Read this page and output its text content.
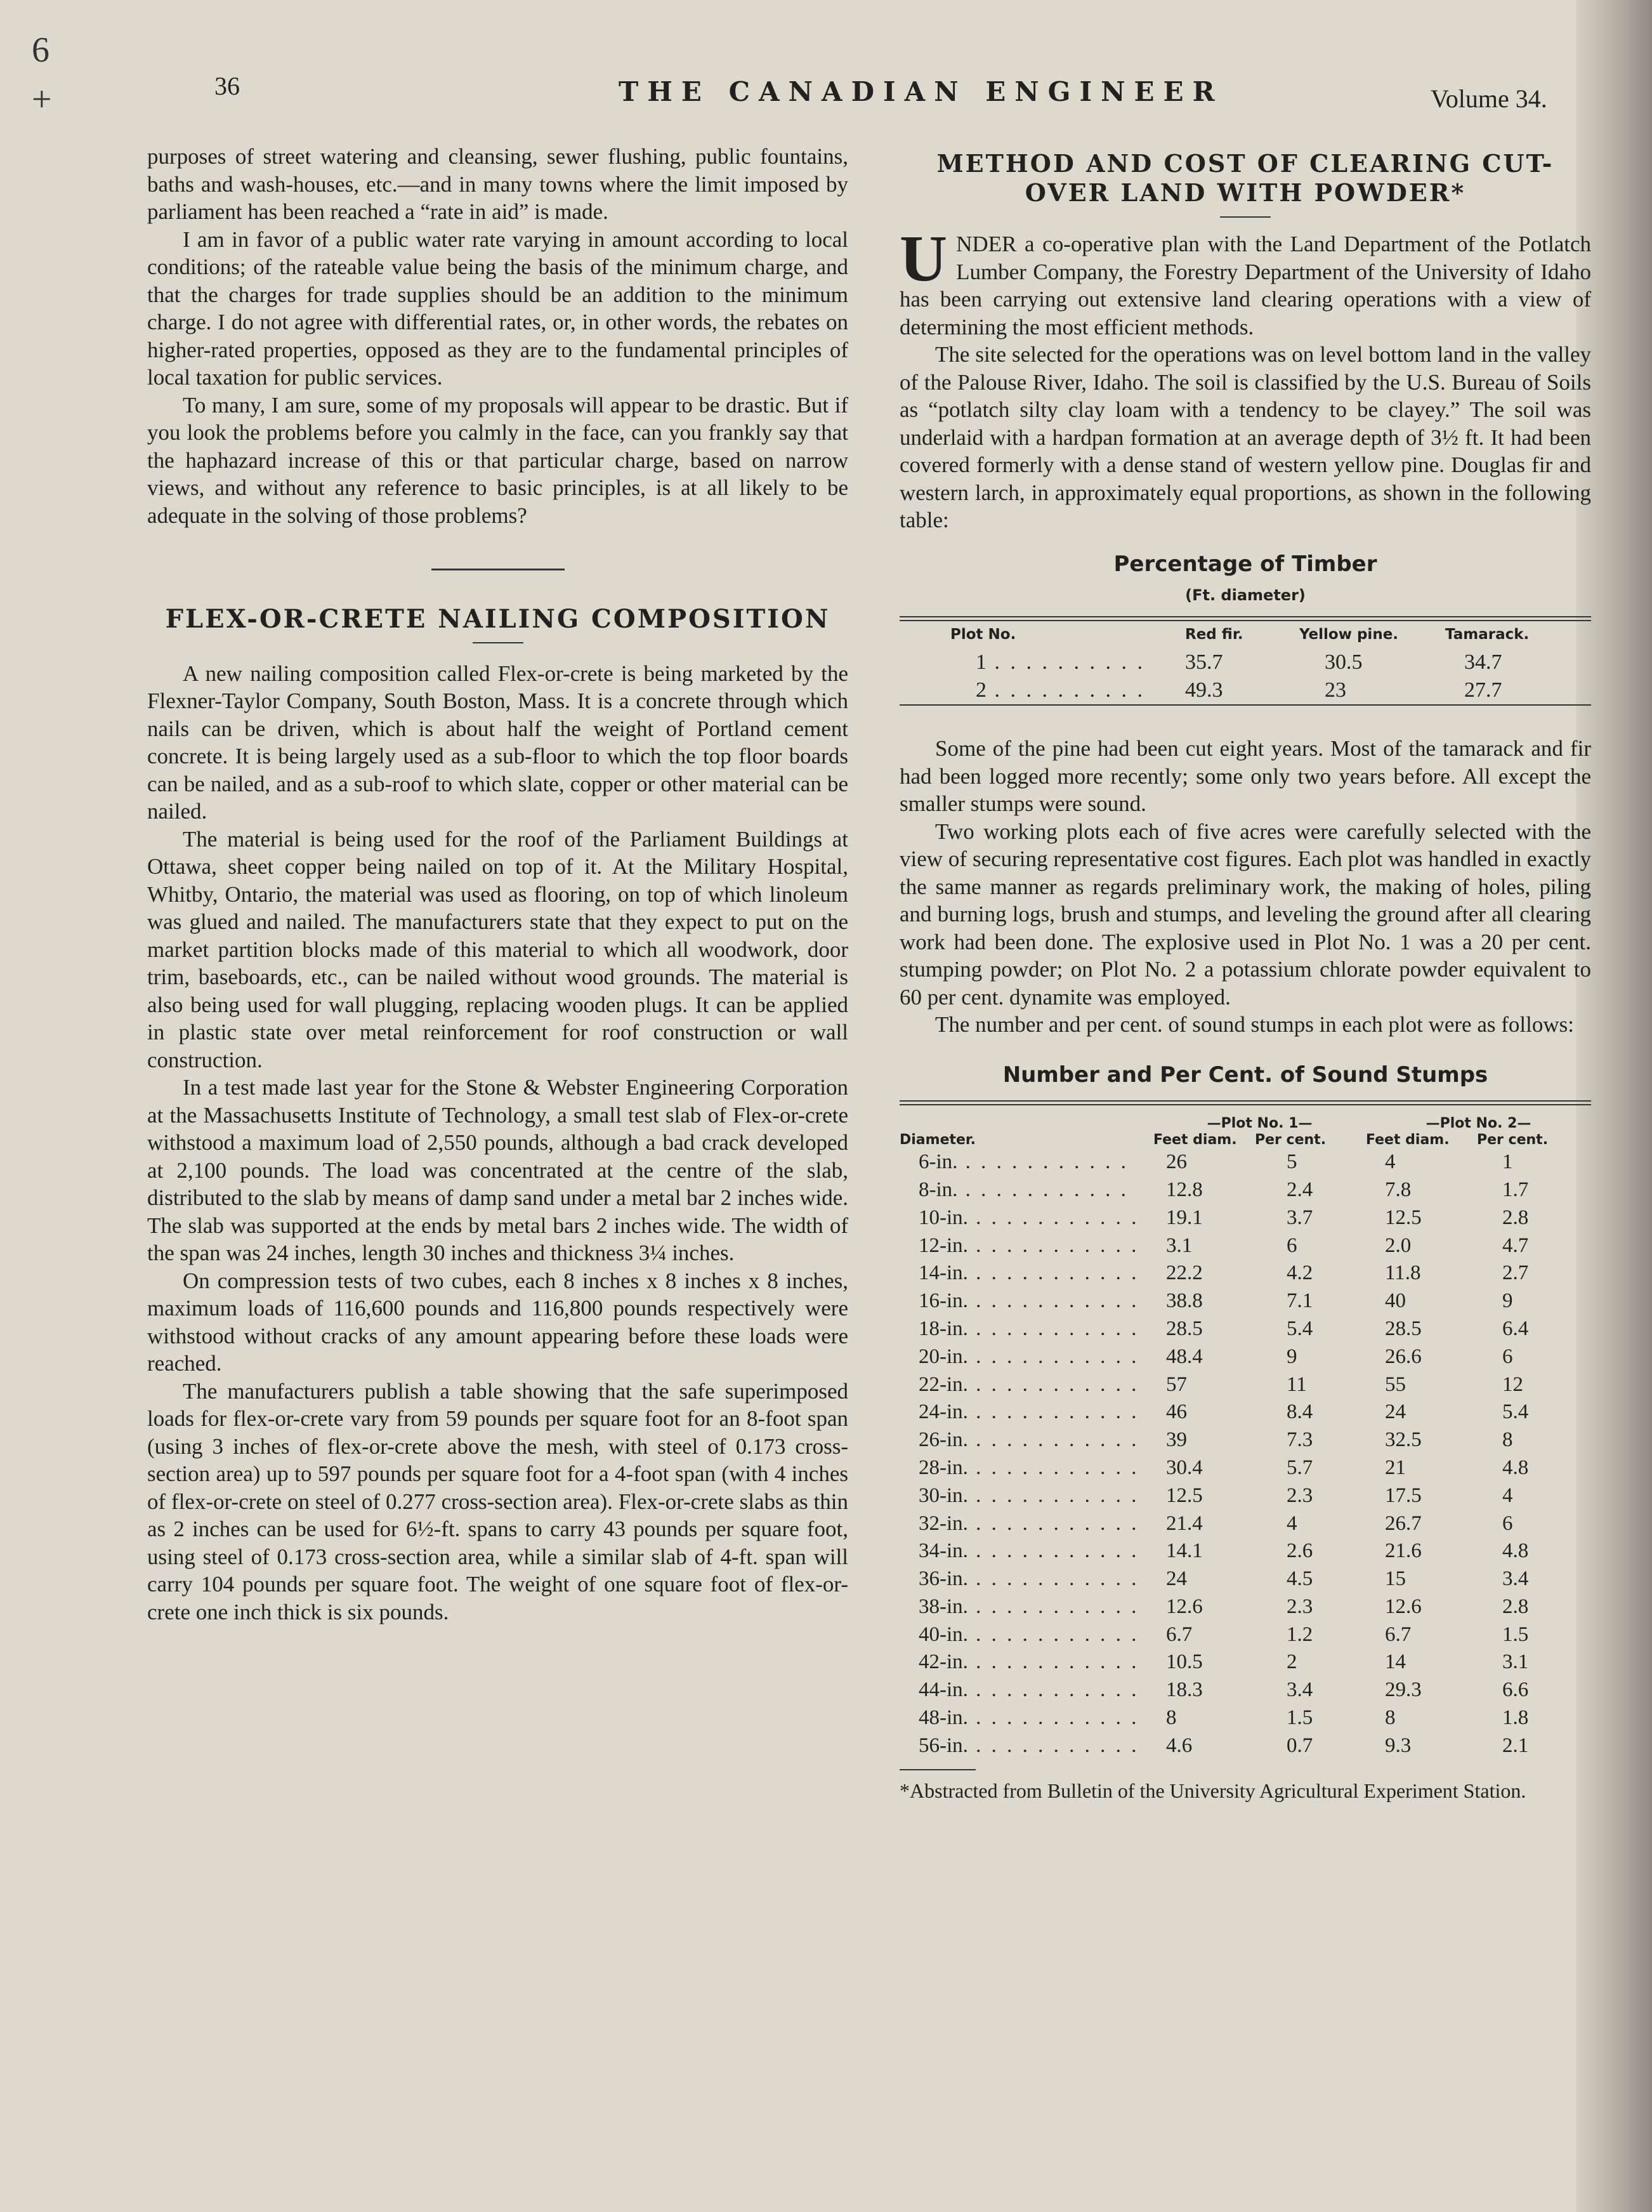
6
+	36	THE CANADIAN ENGINEER	Volume 34.

purposes of street watering and cleansing, sewer flushing, public fountains, baths and wash-houses, etc.—and in many towns where the limit imposed by parliament has been reached a “rate in aid” is made.

I am in favor of a public water rate varying in amount according to local conditions; of the rateable value being the basis of the minimum charge, and that the charges for trade supplies should be an addition to the minimum charge. I do not agree with differential rates, or, in other words, the rebates on higher-rated properties, opposed as they are to the fundamental principles of local taxation for public services.

To many, I am sure, some of my proposals will appear to be drastic. But if you look the problems before you calmly in the face, can you frankly say that the haphazard increase of this or that particular charge, based on narrow views, and without any reference to basic principles, is at all likely to be adequate in the solving of those problems?

FLEX-OR-CRETE NAILING COMPOSITION

A new nailing composition called Flex-or-crete is being marketed by the Flexner-Taylor Company, South Boston, Mass. It is a concrete through which nails can be driven, which is about half the weight of Portland cement concrete. It is being largely used as a sub-floor to which the top floor boards can be nailed, and as a sub-roof to which slate, copper or other material can be nailed.

The material is being used for the roof of the Parliament Buildings at Ottawa, sheet copper being nailed on top of it. At the Military Hospital, Whitby, Ontario, the material was used as flooring, on top of which linoleum was glued and nailed. The manufacturers state that they expect to put on the market partition blocks made of this material to which all woodwork, door trim, baseboards, etc., can be nailed without wood grounds. The material is also being used for wall plugging, replacing wooden plugs. It can be applied in plastic state over metal reinforcement for roof construction or wall construction.

In a test made last year for the Stone & Webster Engineering Corporation at the Massachusetts Institute of Technology, a small test slab of Flex-or-crete withstood a maximum load of 2,550 pounds, although a bad crack developed at 2,100 pounds. The load was concentrated at the centre of the slab, distributed to the slab by means of damp sand under a metal bar 2 inches wide. The slab was supported at the ends by metal bars 2 inches wide. The width of the span was 24 inches, length 30 inches and thickness 3¼ inches.

On compression tests of two cubes, each 8 inches x 8 inches x 8 inches, maximum loads of 116,600 pounds and 116,800 pounds respectively were withstood without cracks of any amount appearing before these loads were reached.

The manufacturers publish a table showing that the safe superimposed loads for flex-or-crete vary from 59 pounds per square foot for an 8-foot span (using 3 inches of flex-or-crete above the mesh, with steel of 0.173 cross-section area) up to 597 pounds per square foot for a 4-foot span (with 4 inches of flex-or-crete on steel of 0.277 cross-section area). Flex-or-crete slabs as thin as 2 inches can be used for 6½-ft. spans to carry 43 pounds per square foot, using steel of 0.173 cross-section area, while a similar slab of 4-ft. span will carry 104 pounds per square foot. The weight of one square foot of flex-or-crete one inch thick is six pounds.

METHOD AND COST OF CLEARING CUT-OVER LAND WITH POWDER*

UNDER a co-operative plan with the Land Department of the Potlatch Lumber Company, the Forestry Department of the University of Idaho has been carrying out extensive land clearing operations with a view of determining the most efficient methods.

The site selected for the operations was on level bottom land in the valley of the Palouse River, Idaho. The soil is classified by the U.S. Bureau of Soils as “potlatch silty clay loam with a tendency to be clayey.” The soil was underlaid with a hardpan formation at an average depth of 3½ ft. It had been covered formerly with a dense stand of western yellow pine. Douglas fir and western larch, in approximately equal proportions, as shown in the following table:

Percentage of Timber
(Ft. diameter)
Plot No.	Red fir.	Yellow pine.	Tamarack.
1 . . . . . . . . . .	35.7	30.5	34.7
2 . . . . . . . . . .	49.3	23	27.7

Some of the pine had been cut eight years. Most of the tamarack and fir had been logged more recently; some only two years before. All except the smaller stumps were sound.

Two working plots each of five acres were carefully selected with the view of securing representative cost figures. Each plot was handled in exactly the same manner as regards preliminary work, the making of holes, piling and burning logs, brush and stumps, and leveling the ground after all clearing work had been done. The explosive used in Plot No. 1 was a 20 per cent. stumping powder; on Plot No. 2 a potassium chlorate powder equivalent to 60 per cent. dynamite was employed.

The number and per cent. of sound stumps in each plot were as follows:

Number and Per Cent. of Sound Stumps
	—Plot No. 1—		—Plot No. 2—	
Diameter.	Feet diam.	Per cent.	Feet diam.	Per cent.
6-in. . . . . . . . . . . .	26	5	4	1
8-in. . . . . . . . . . . .	12.8	2.4	7.8	1.7
10-in. . . . . . . . . . . .	19.1	3.7	12.5	2.8
12-in. . . . . . . . . . . .	3.1	6	2.0	4.7
14-in. . . . . . . . . . . .	22.2	4.2	11.8	2.7
16-in. . . . . . . . . . . .	38.8	7.1	40	9
18-in. . . . . . . . . . . .	28.5	5.4	28.5	6.4
20-in. . . . . . . . . . . .	48.4	9	26.6	6
22-in. . . . . . . . . . . .	57	11	55	12
24-in. . . . . . . . . . . .	46	8.4	24	5.4
26-in. . . . . . . . . . . .	39	7.3	32.5	8
28-in. . . . . . . . . . . .	30.4	5.7	21	4.8
30-in. . . . . . . . . . . .	12.5	2.3	17.5	4
32-in. . . . . . . . . . . .	21.4	4	26.7	6
34-in. . . . . . . . . . . .	14.1	2.6	21.6	4.8
36-in. . . . . . . . . . . .	24	4.5	15	3.4
38-in. . . . . . . . . . . .	12.6	2.3	12.6	2.8
40-in. . . . . . . . . . . .	6.7	1.2	6.7	1.5
42-in. . . . . . . . . . . .	10.5	2	14	3.1
44-in. . . . . . . . . . . .	18.3	3.4	29.3	6.6
48-in. . . . . . . . . . . .	8	1.5	8	1.8
56-in. . . . . . . . . . . .	4.6	0.7	9.3	2.1
*Abstracted from Bulletin of the University Agricultural Experiment Station.
